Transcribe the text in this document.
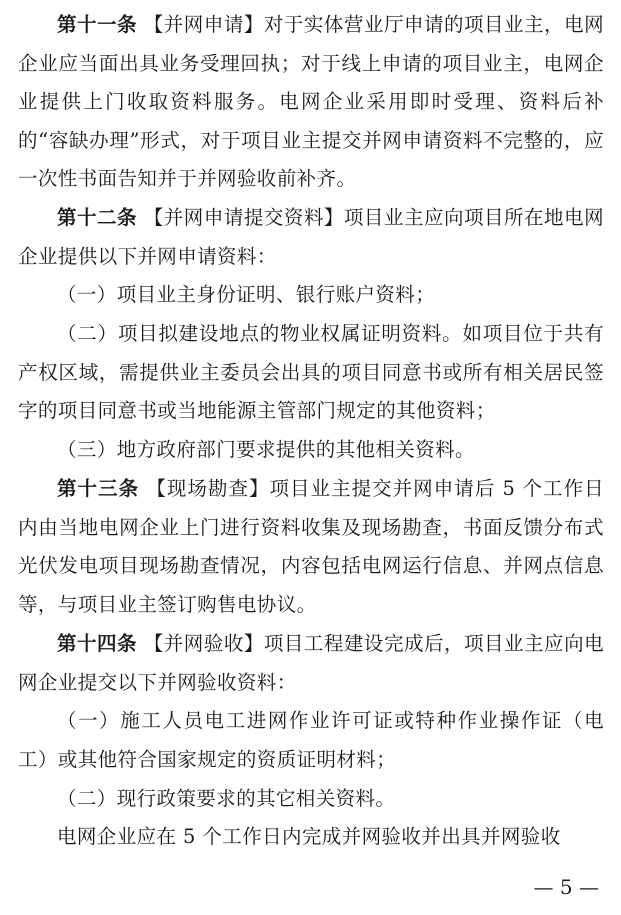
第十一条 【并网申请】对于实体营业厅申请的项目业主，电网企业应当面出具业务受理回执；对于线上申请的项目业主，电网企业提供上门收取资料服务。电网企业采用即时受理、资料后补的“容缺办理”形式，对于项目业主提交并网申请资料不完整的，应一次性书面告知并于并网验收前补齐。

第十二条 【并网申请提交资料】项目业主应向项目所在地电网企业提供以下并网申请资料：

（一）项目业主身份证明、银行账户资料；

（二）项目拟建设地点的物业权属证明资料。如项目位于共有产权区域，需提供业主委员会出具的项目同意书或所有相关居民签字的项目同意书或当地能源主管部门规定的其他资料；

（三）地方政府部门要求提供的其他相关资料。

第十三条 【现场勘查】项目业主提交并网申请后 5 个工作日内由当地电网企业上门进行资料收集及现场勘查，书面反馈分布式光伏发电项目现场勘查情况，内容包括电网运行信息、并网点信息等，与项目业主签订购售电协议。

第十四条 【并网验收】项目工程建设完成后，项目业主应向电网企业提交以下并网验收资料：

（一）施工人员电工进网作业许可证或特种作业操作证（电工）或其他符合国家规定的资质证明材料；

（二）现行政策要求的其它相关资料。

电网企业应在 5 个工作日内完成并网验收并出具并网验收

— 5 —
